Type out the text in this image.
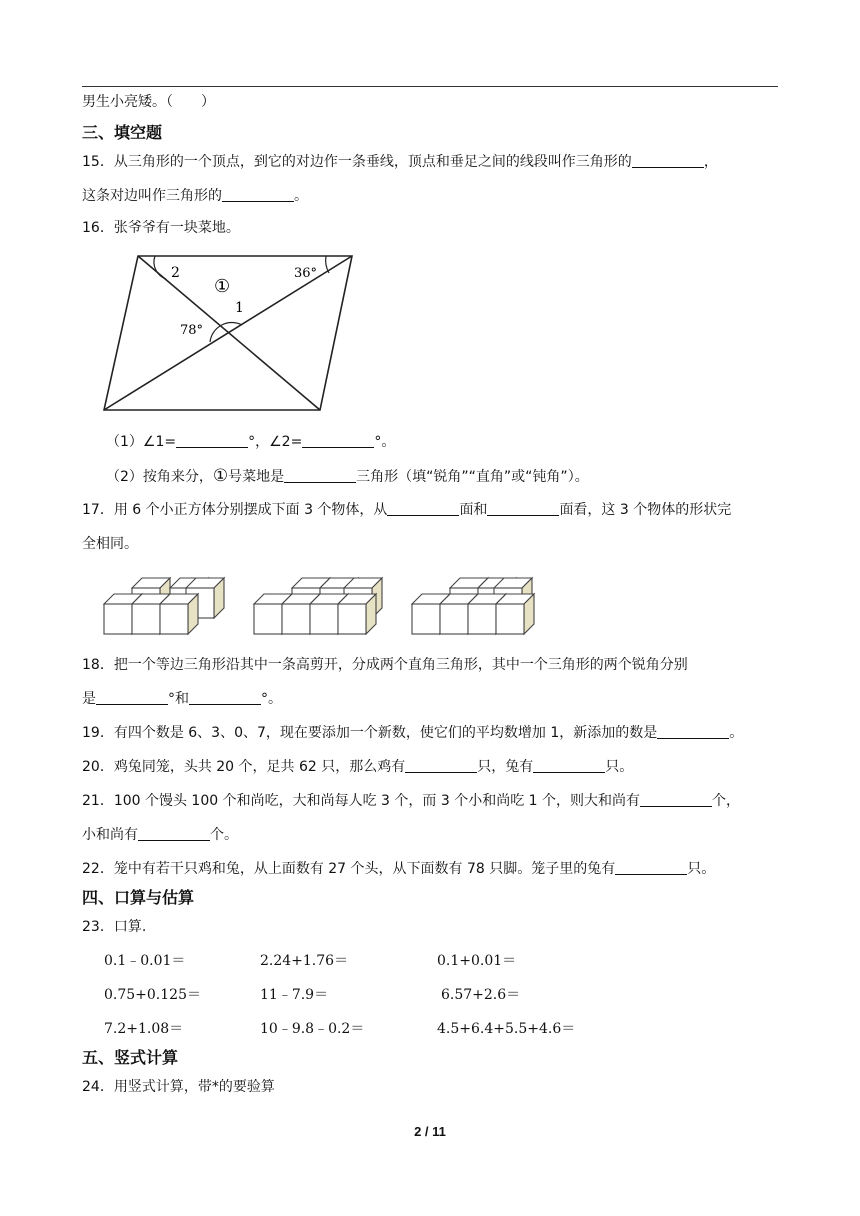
男生小亮矮。（　　）
三、填空题
15．从三角形的一个顶点，到它的对边作一条垂线，顶点和垂足之间的线段叫作三角形的	，
这条对边叫作三角形的	。
16．张爷爷有一块菜地。
2
①
36°
1
78°
（1）∠1=	°，∠2=	°。
（2）按角来分，①号菜地是	三角形（填“锐角”“直角”或“钝角”）。
17．用 6 个小正方体分别摆成下面 3 个物体，从	面和	面看，这 3 个物体的形状完
全相同。
18．把一个等边三角形沿其中一条高剪开，分成两个直角三角形，其中一个三角形的两个锐角分别
是	°和	°。
19．有四个数是 6、3、0、7，现在要添加一个新数，使它们的平均数增加 1，新添加的数是	。
20．鸡兔同笼，头共 20 个，足共 62 只，那么鸡有	只，兔有	只。
21．100 个馒头 100 个和尚吃，大和尚每人吃 3 个，而 3 个小和尚吃 1 个，则大和尚有	个，
小和尚有	个。
22．笼中有若干只鸡和兔，从上面数有 27 个头，从下面数有 78 只脚。笼子里的兔有	只。
四、口算与估算
23．口算.
0.1﹣0.01＝	2.24+1.76＝	0.1+0.01＝
0.75+0.125＝	11﹣7.9＝	6.57+2.6＝
7.2+1.08＝	10﹣9.8﹣0.2＝	4.5+6.4+5.5+4.6＝
五、竖式计算
24．用竖式计算，带*的要验算
2 / 11
